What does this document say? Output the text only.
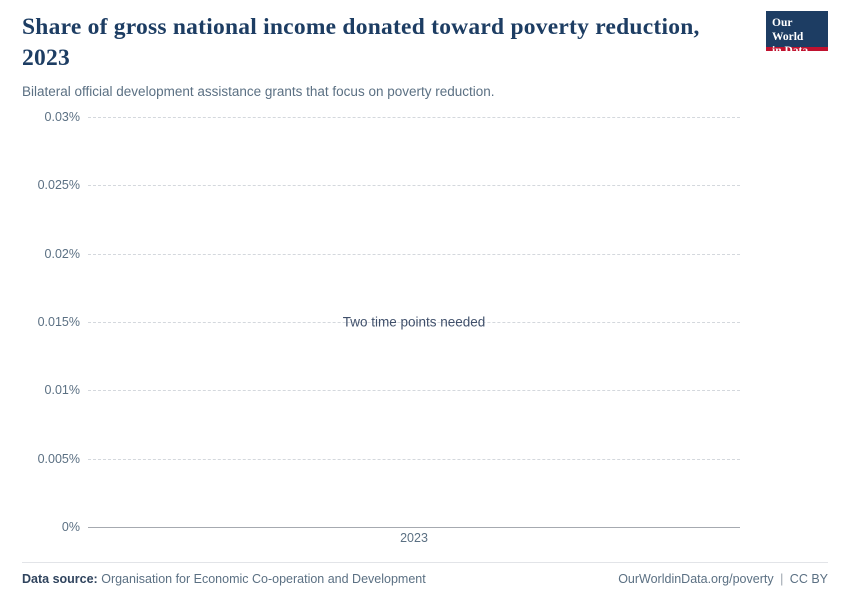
Share of gross national income donated toward poverty reduction, 2023

Bilateral official development assistance grants that focus on poverty reduction.

Our World
in Data
0.03%
0.025%
0.02%
0.015%
0.01%
0.005%
0%
Two time points needed
2023
Data source: Organisation for Economic Co-operation and Development	OurWorldinData.org/poverty | CC BY
